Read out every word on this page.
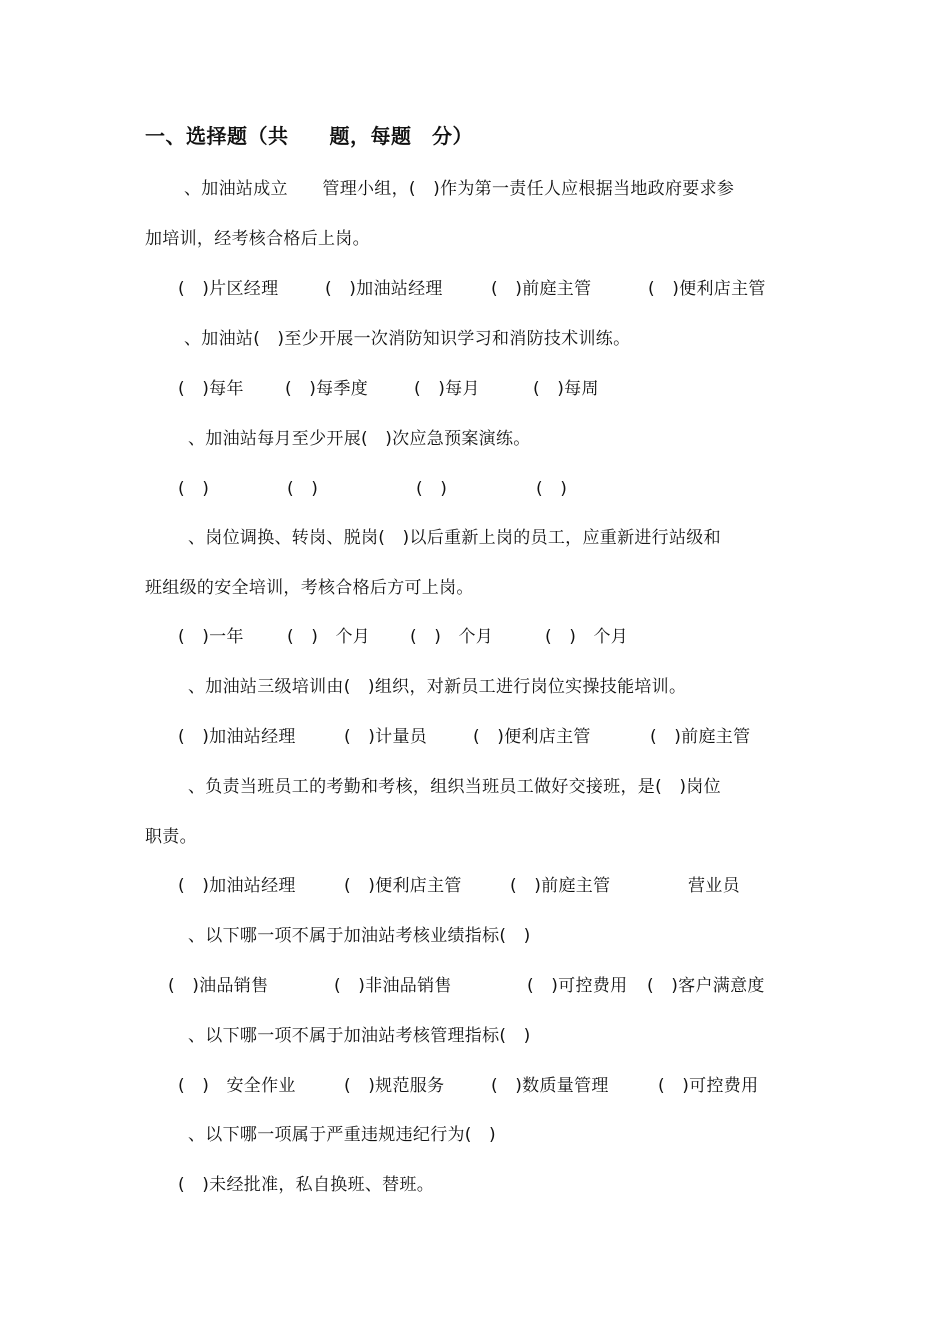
一、选择题（共　　题，每题　分）
、加油站成立　　管理小组，(　)作为第一责任人应根据当地政府要求参
加培训，经考核合格后上岗。
(　)片区经理	(　)加油站经理	(　)前庭主管	(　)便利店主管
、加油站(　)至少开展一次消防知识学习和消防技术训练。
(　)每年 (　)每季度	(　)每月	(　)每周
、加油站每月至少开展(　)次应急预案演练。
(　)	(　)	(　)	(　)
、岗位调换、转岗、脱岗(　)以后重新上岗的员工，应重新进行站级和
班组级的安全培训，考核合格后方可上岗。
(　)一年	(　)　个月 (　)　个月	(　)　个月
、加油站三级培训由(　)组织，对新员工进行岗位实操技能培训。
(　)加油站经理	(　)计量员	(　)便利店主管	(　)前庭主管
、负责当班员工的考勤和考核，组织当班员工做好交接班，是(　)岗位
职责。
(　)加油站经理	(　)便利店主管	(　)前庭主管	营业员
、以下哪一项不属于加油站考核业绩指标(　)
(　)油品销售	(　)非油品销售	(　)可控费用 (　)客户满意度
、以下哪一项不属于加油站考核管理指标(　)
(　)　安全作业	(　)规范服务	(　)数质量管理	(　)可控费用
、以下哪一项属于严重违规违纪行为(　)
(　)未经批准，私自换班、替班。
